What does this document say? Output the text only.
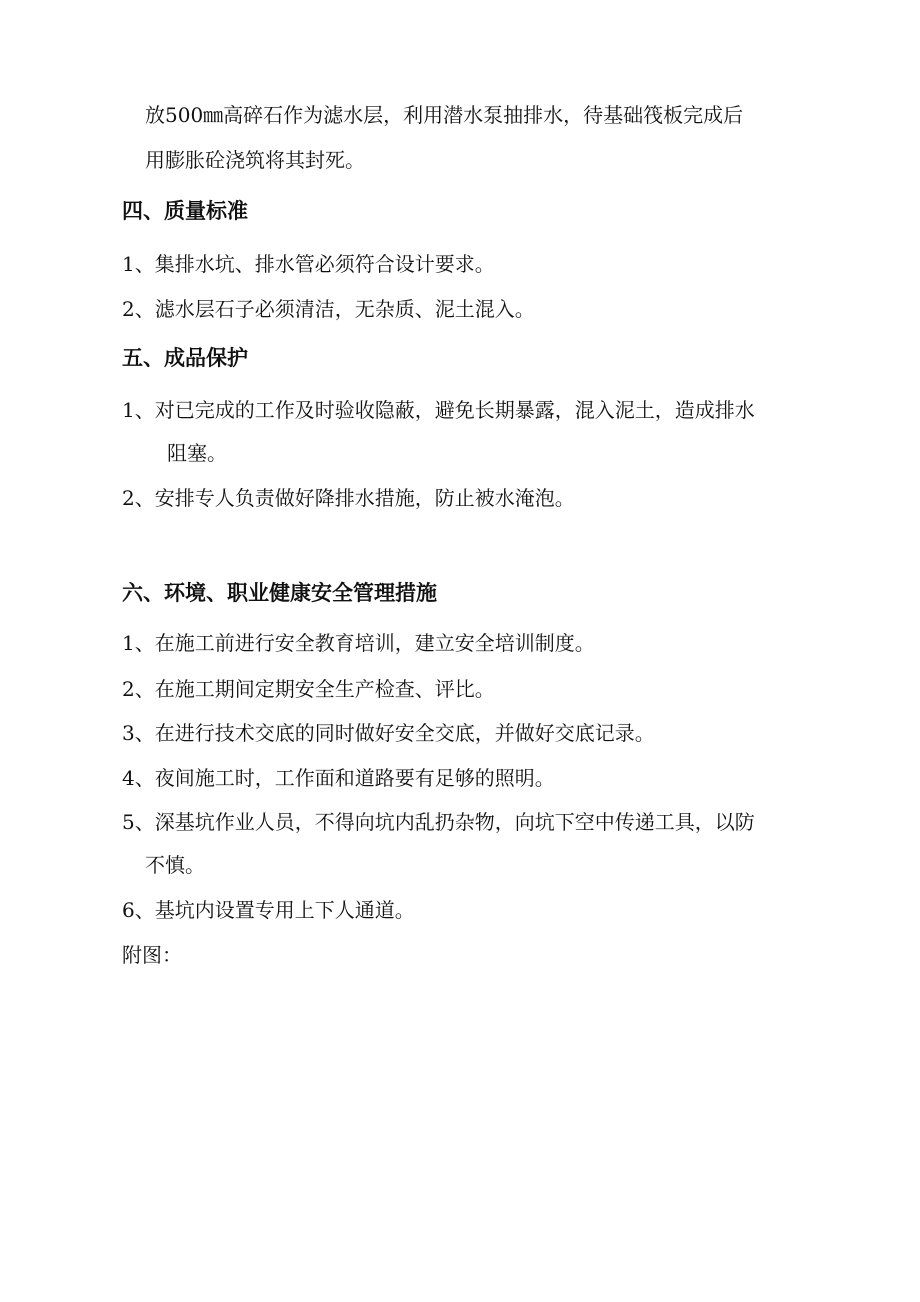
放500㎜高碎石作为滤水层，利用潜水泵抽排水，待基础筏板完成后
用膨胀砼浇筑将其封死。
四、质量标准
1、集排水坑、排水管必须符合设计要求。
2、滤水层石子必须清洁，无杂质、泥土混入。
五、成品保护
1、对已完成的工作及时验收隐蔽，避免长期暴露，混入泥土，造成排水
阻塞。
2、安排专人负责做好降排水措施，防止被水淹泡。
六、环境、职业健康安全管理措施
1、在施工前进行安全教育培训，建立安全培训制度。
2、在施工期间定期安全生产检查、评比。
3、在进行技术交底的同时做好安全交底，并做好交底记录。
4、夜间施工时，工作面和道路要有足够的照明。
5、深基坑作业人员，不得向坑内乱扔杂物，向坑下空中传递工具，以防
不慎。
6、基坑内设置专用上下人通道。
附图：
